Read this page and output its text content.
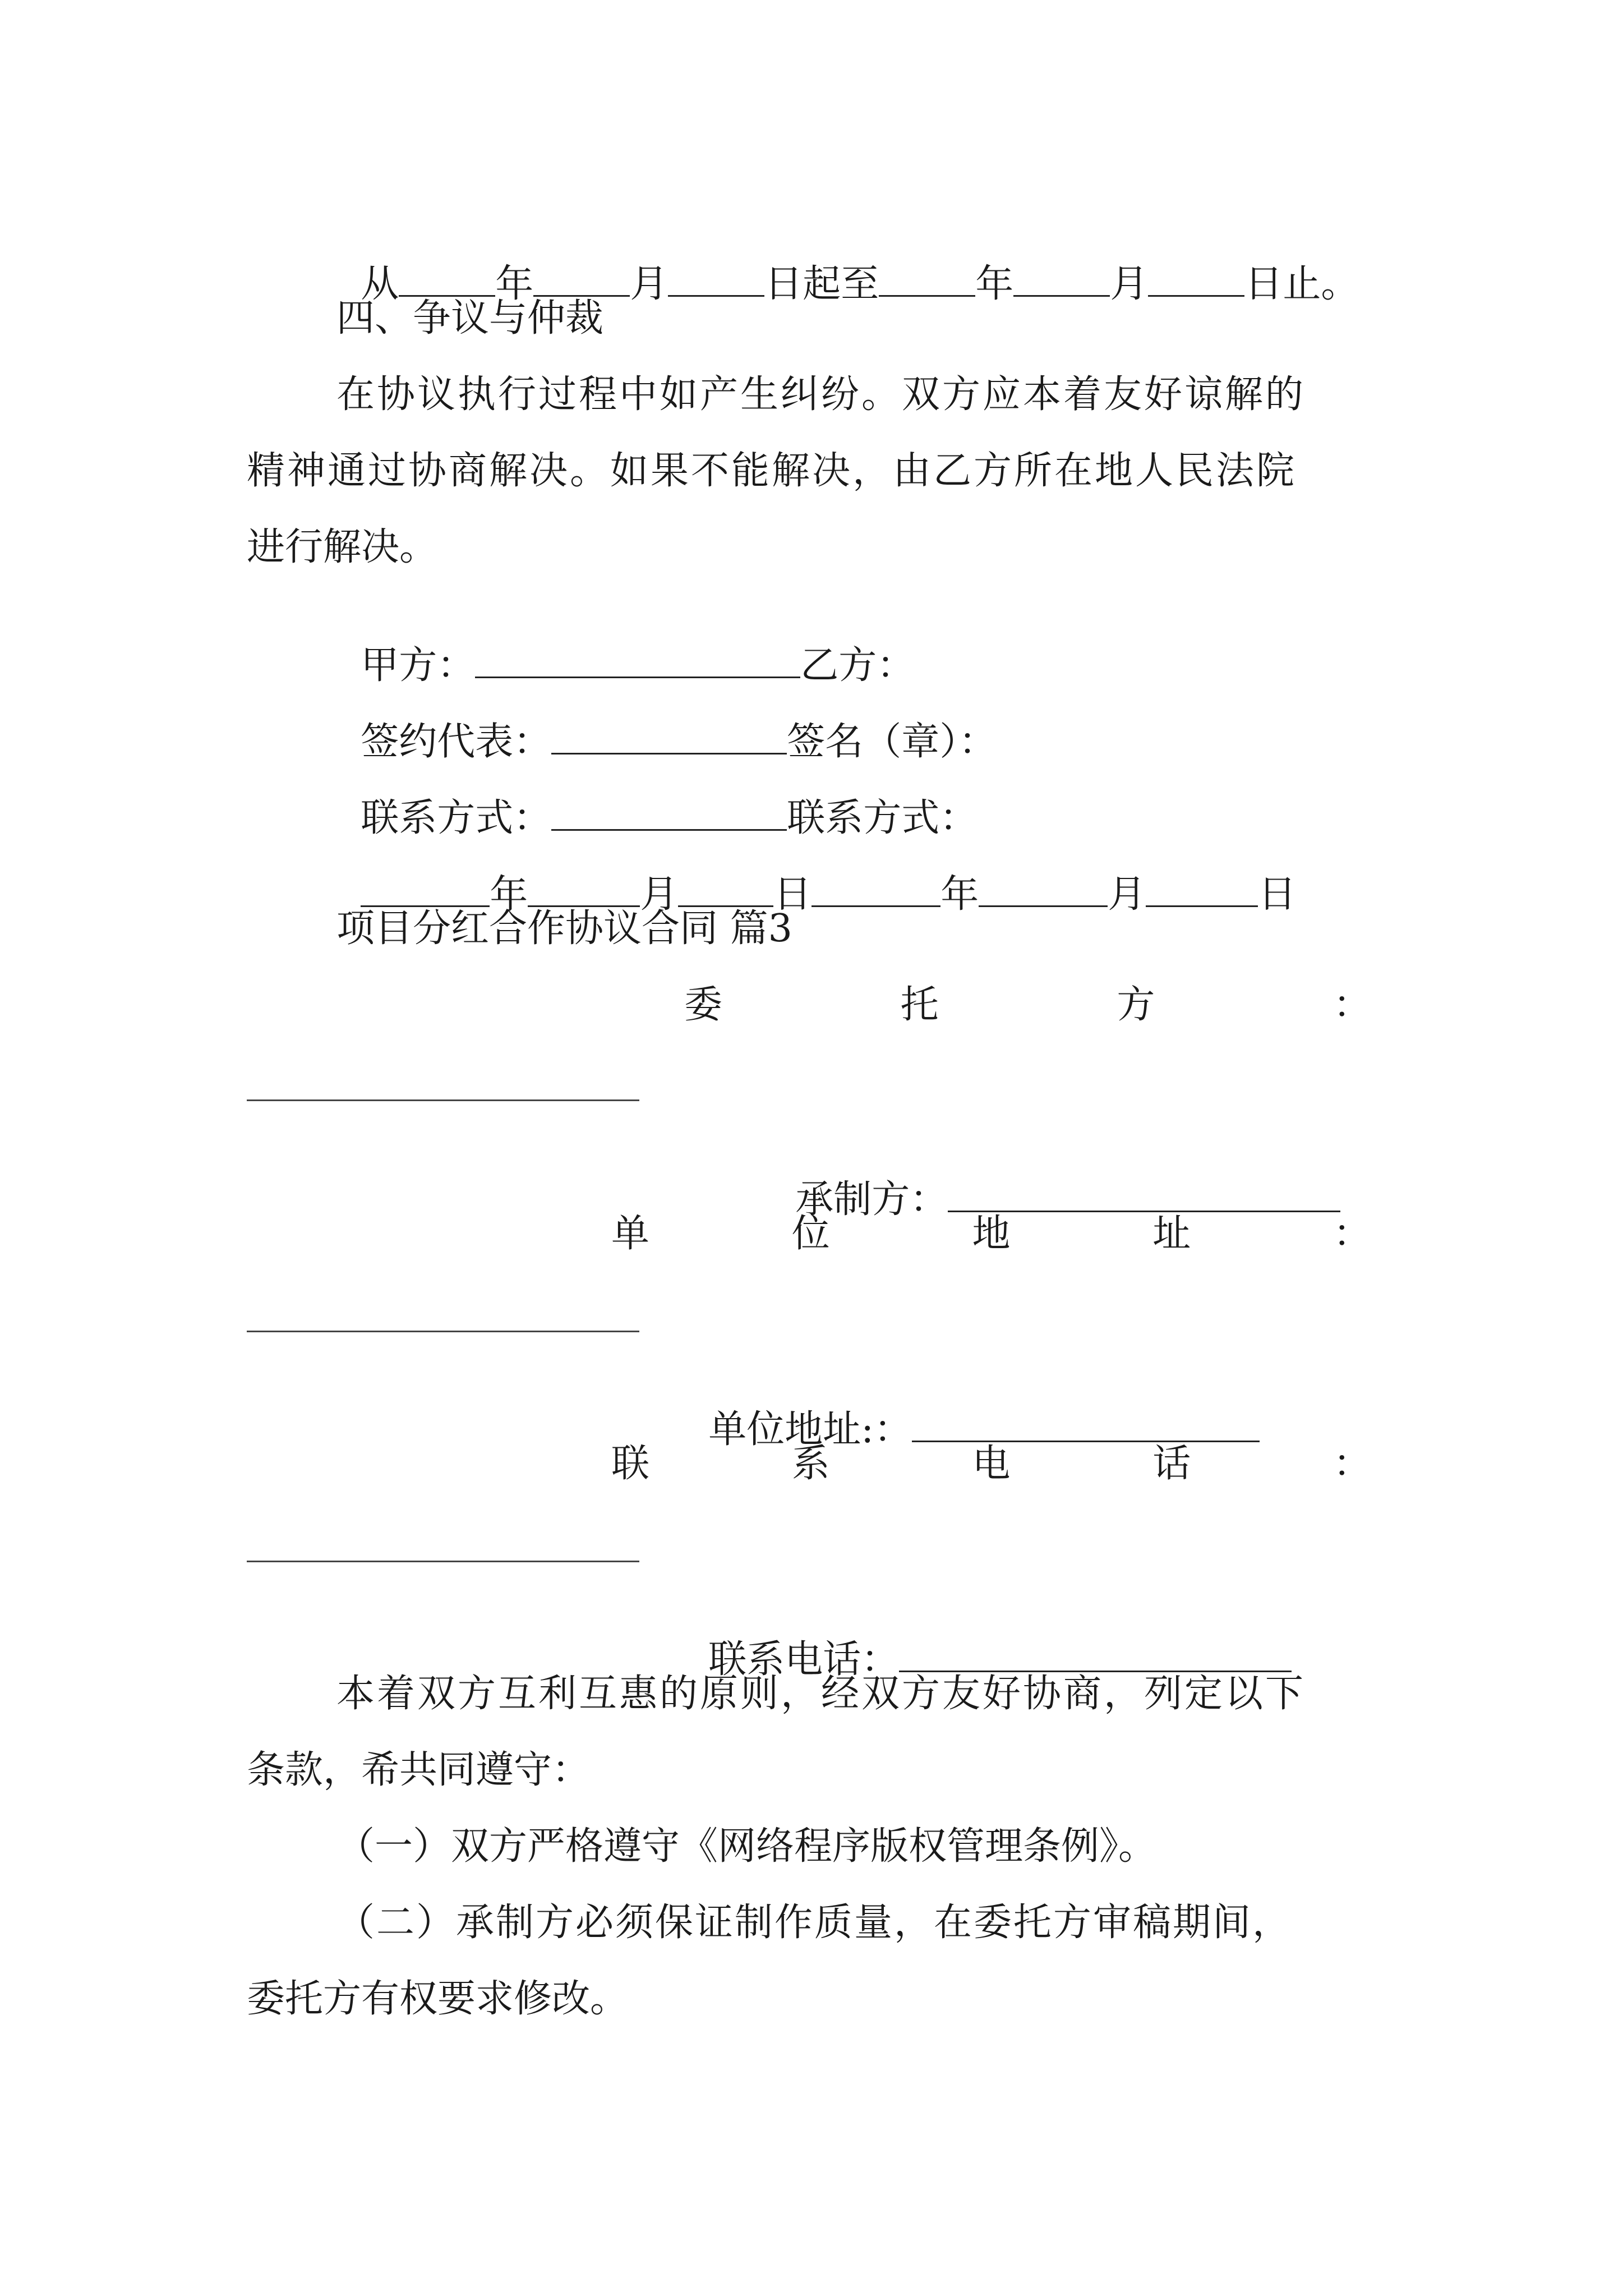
从	年	月	日起至	年	月	日止。

四、争议与仲裁
在协议执行过程中如产生纠纷。双方应本着友好谅解的
精神通过协商解决。如果不能解决，由乙方所在地人民法院
进行解决。

甲方：	乙方：

签约代表：	签名（章）：

联系方式：	联系方式：

年	月	日	年	月	日

项目分红合作协议合同 篇3
委	托	方	：

承制方：

单	位	地	址	：

单位地址:：

联	系	电	话	：

联系电话：

本着双方互利互惠的原则，经双方友好协商，列定以下
条款，希共同遵守：
（一）双方严格遵守《网络程序版权管理条例》。
（二）承制方必须保证制作质量，在委托方审稿期间，
委托方有权要求修改。
